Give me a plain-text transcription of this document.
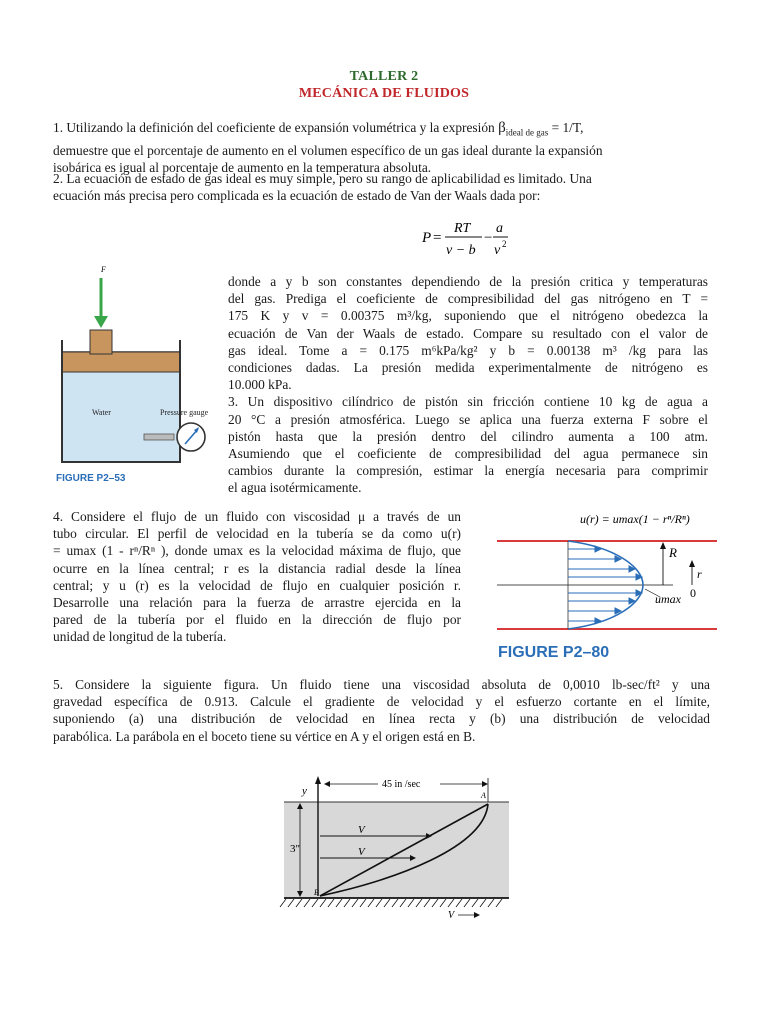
TALLER 2
MECÁNICA DE FLUIDOS
1. Utilizando la definición del coeficiente de expansión volumétrica y la expresión $\beta_{ideal de gas} = 1/T$,
demuestre que el porcentaje de aumento en el volumen específico de un gas ideal durante la expansión
isobárica es igual al porcentaje de aumento en la temperatura absoluta.
2. La ecuación de estado de gas ideal es muy simple, pero su rango de aplicabilidad es limitado. Una
ecuación más precisa pero complicada es la ecuación de estado de Van der Waals dada por:
P =
RT
v − b
−
a
v 2
F
Water	Pressure gauge
FIGURE P2–53
donde a y b son constantes dependiendo de la presión critica y temperaturas
del gas. Prediga el coeficiente de compresibilidad del gas nitrógeno en T =
175 K y v = 0.00375 m³/kg, suponiendo que el nitrógeno obedezca la
ecuación de Van der Waals de estado. Compare su resultado con el valor de
gas ideal. Tome a = 0.175 m⁶kPa/kg² y b = 0.00138 m³ /kg para las
condiciones dadas. La presión medida experimentalmente de nitrógeno es
10.000 kPa.
3. Un dispositivo cilíndrico de pistón sin fricción contiene 10 kg de agua a
20 °C a presión atmosférica. Luego se aplica una fuerza externa F sobre el
pistón hasta que la presión dentro del cilindro aumenta a 100 atm.
Asumiendo que el coeficiente de compresibilidad del agua permanece sin
cambios durante la compresión, estimar la energía necesaria para comprimir
el agua isotérmicamente.
4. Considere el flujo de un fluido con viscosidad μ a través de un
tubo circular. El perfil de velocidad en la tubería se da como u(r)
= umax (1 - rⁿ/Rⁿ ), donde umax es la velocidad máxima de flujo, que
ocurre en la línea central; r es la distancia radial desde la línea
central; y u (r) es la velocidad de flujo en cualquier posición r.
Desarrolle una relación para la fuerza de arrastre ejercida en la
pared de la tubería por el fluido en la dirección de flujo por
unidad de longitud de la tubería.
u(r) = umax(1 − rⁿ/Rⁿ)
R
r
0
umax
FIGURE P2–80
5. Considere la siguiente figura. Un fluido tiene una viscosidad absoluta de 0,0010 lb-sec/ft² y una
gravedad específica de 0.913. Calcule el gradiente de velocidad y el esfuerzo cortante en el límite,
suponiendo (a) una distribución de velocidad en línea recta y (b) una distribución de velocidad
parabólica. La parábola en el boceto tiene su vértice en A y el origen está en B.
y
45 in /sec
A
3"
B
V
V
V
